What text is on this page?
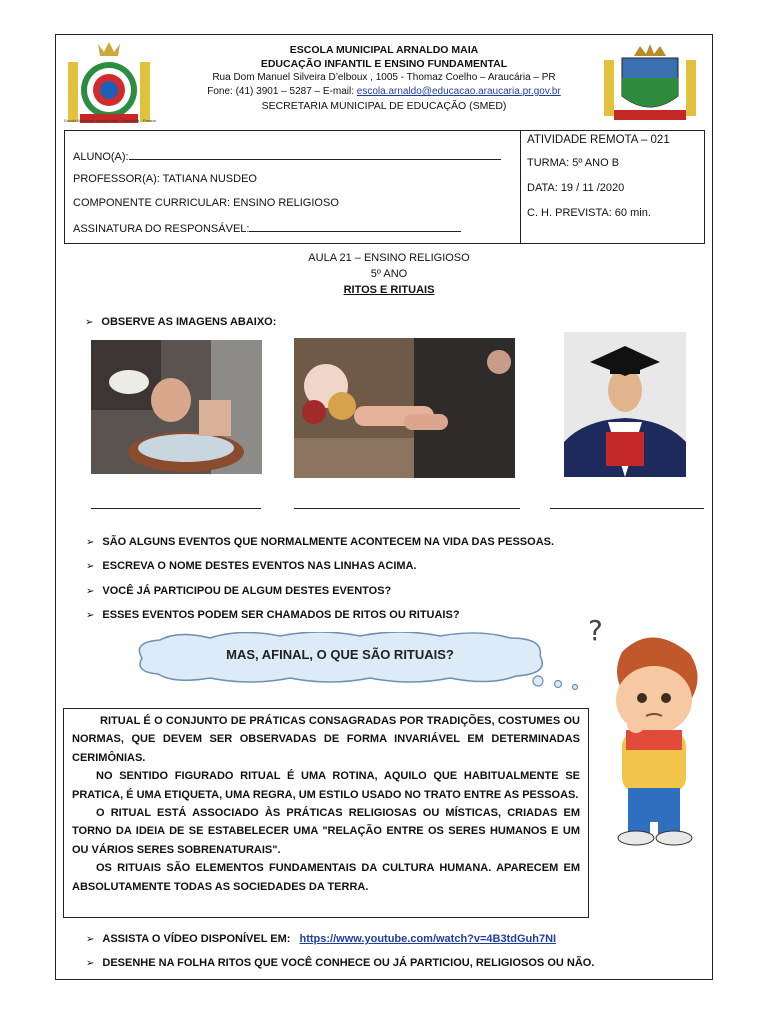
Escola Municipal Arnaldo Maia · Araucária · Paraná
ESCOLA MUNICIPAL ARNALDO MAIA
EDUCAÇÃO INFANTIL E ENSINO FUNDAMENTAL
Rua Dom Manuel Silveira D’elboux , 1005 - Thomaz Coelho – Araucária – PR
Fone: (41) 3901 – 5287 – E-mail: escola.arnaldo@educacao.araucaria.pr.gov.br
SECRETARIA MUNICIPAL DE EDUCAÇÃO (SMED)
ALUNO(A):
PROFESSOR(A): TATIANA NUSDEO
COMPONENTE CURRICULAR: ENSINO RELIGIOSO
ASSINATURA DO RESPONSÁVEL:
ATIVIDADE REMOTA – 021
TURMA: 5º ANO B
DATA: 19 / 11 /2020
C. H. PREVISTA: 60 min.
AULA 21 – ENSINO RELIGIOSO
5º ANO
RITOS E RITUAIS
➢ OBSERVE AS IMAGENS ABAIXO:
➢ SÃO ALGUNS EVENTOS QUE NORMALMENTE ACONTECEM NA VIDA DAS PESSOAS.
➢ ESCREVA O NOME DESTES EVENTOS NAS LINHAS ACIMA.
➢ VOCÊ JÁ PARTICIPOU DE ALGUM DESTES EVENTOS?
➢ ESSES EVENTOS PODEM SER CHAMADOS DE RITOS OU RITUAIS?
MAS, AFINAL, O QUE SÃO RITUAIS?
?

RITUAL É O CONJUNTO DE PRÁTICAS CONSAGRADAS POR TRADIÇÕES, COSTUMES OU NORMAS, QUE DEVEM SER OBSERVADAS DE FORMA INVARIÁVEL EM DETERMINADAS CERIMÔNIAS.

NO SENTIDO FIGURADO RITUAL É UMA ROTINA, AQUILO QUE HABITUALMENTE SE PRATICA, É UMA ETIQUETA, UMA REGRA, UM ESTILO USADO NO TRATO ENTRE AS PESSOAS.

O RITUAL ESTÁ ASSOCIADO ÀS PRÁTICAS RELIGIOSAS OU MÍSTICAS, CRIADAS EM TORNO DA IDEIA DE SE ESTABELECER UMA "RELAÇÃO ENTRE OS SERES HUMANOS E UM OU VÁRIOS SERES SOBRENATURAIS".

OS RITUAIS SÃO ELEMENTOS FUNDAMENTAIS DA CULTURA HUMANA. APARECEM EM ABSOLUTAMENTE TODAS AS SOCIEDADES DA TERRA.

➢ ASSISTA O VÍDEO DISPONÍVEL EM: https://www.youtube.com/watch?v=4B3tdGuh7NI
➢ DESENHE NA FOLHA RITOS QUE VOCÊ CONHECE OU JÁ PARTICIOU, RELIGIOSOS OU NÃO.
